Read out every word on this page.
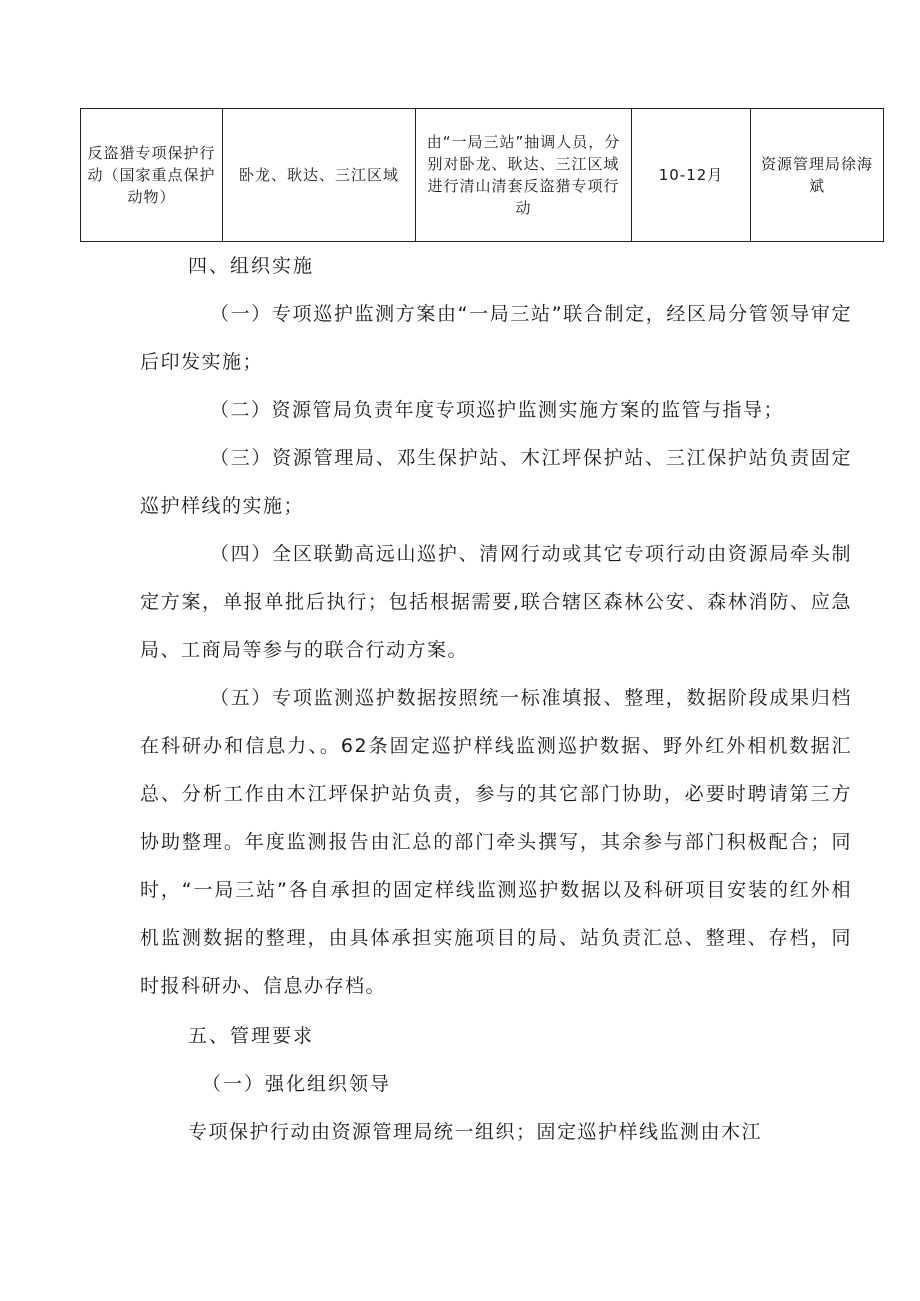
反盗猎专项保护行动（国家重点保护动物）	卧龙、耿达、三江区域	由“一局三站”抽调人员，分别对卧龙、耿达、三江区域进行清山清套反盗猎专项行动	10-12月	资源管理局徐海斌
四、组织实施

（一）专项巡护监测方案由“一局三站”联合制定，经区局分管领导审定后印发实施；

（二）资源管局负责年度专项巡护监测实施方案的监管与指导；

（三）资源管理局、邓生保护站、木江坪保护站、三江保护站负责固定巡护样线的实施；

（四）全区联勤高远山巡护、清网行动或其它专项行动由资源局牵头制定方案，单报单批后执行；包括根据需要,联合辖区森林公安、森林消防、应急局、工商局等参与的联合行动方案。

（五）专项监测巡护数据按照统一标准填报、整理，数据阶段成果归档在科研办和信息力、。62条固定巡护样线监测巡护数据、野外红外相机数据汇总、分析工作由木江坪保护站负责，参与的其它部门协助，必要时聘请第三方协助整理。年度监测报告由汇总的部门牵头撰写，其余参与部门积极配合；同时，“一局三站”各自承担的固定样线监测巡护数据以及科研项目安装的红外相机监测数据的整理，由具体承担实施项目的局、站负责汇总、整理、存档，同时报科研办、信息办存档。

五、管理要求
（一）强化组织领导

专项保护行动由资源管理局统一组织；固定巡护样线监测由木江
